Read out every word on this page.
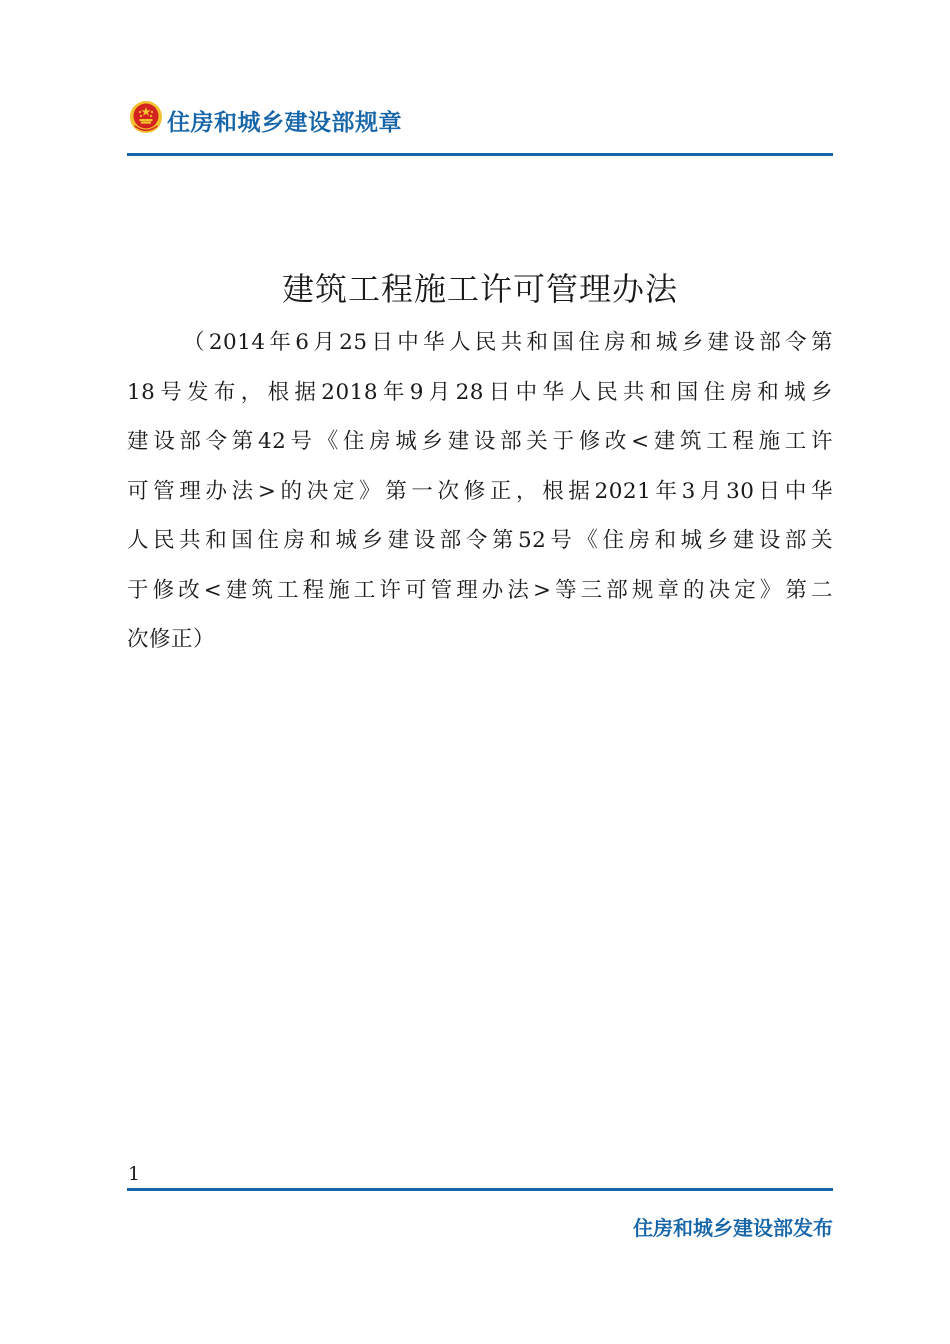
住房和城乡建设部规章
建筑工程施工许可管理办法
（2014年6月25日中华人民共和国住房和城乡建设部令第
18号发布，根据2018年9月28日中华人民共和国住房和城乡
建设部令第42号《住房城乡建设部关于修改<建筑工程施工许
可管理办法>的决定》第一次修正，根据2021年3月30日中华
人民共和国住房和城乡建设部令第52号《住房和城乡建设部关
于修改<建筑工程施工许可管理办法>等三部规章的决定》第二
次修正）
1
住房和城乡建设部发布
